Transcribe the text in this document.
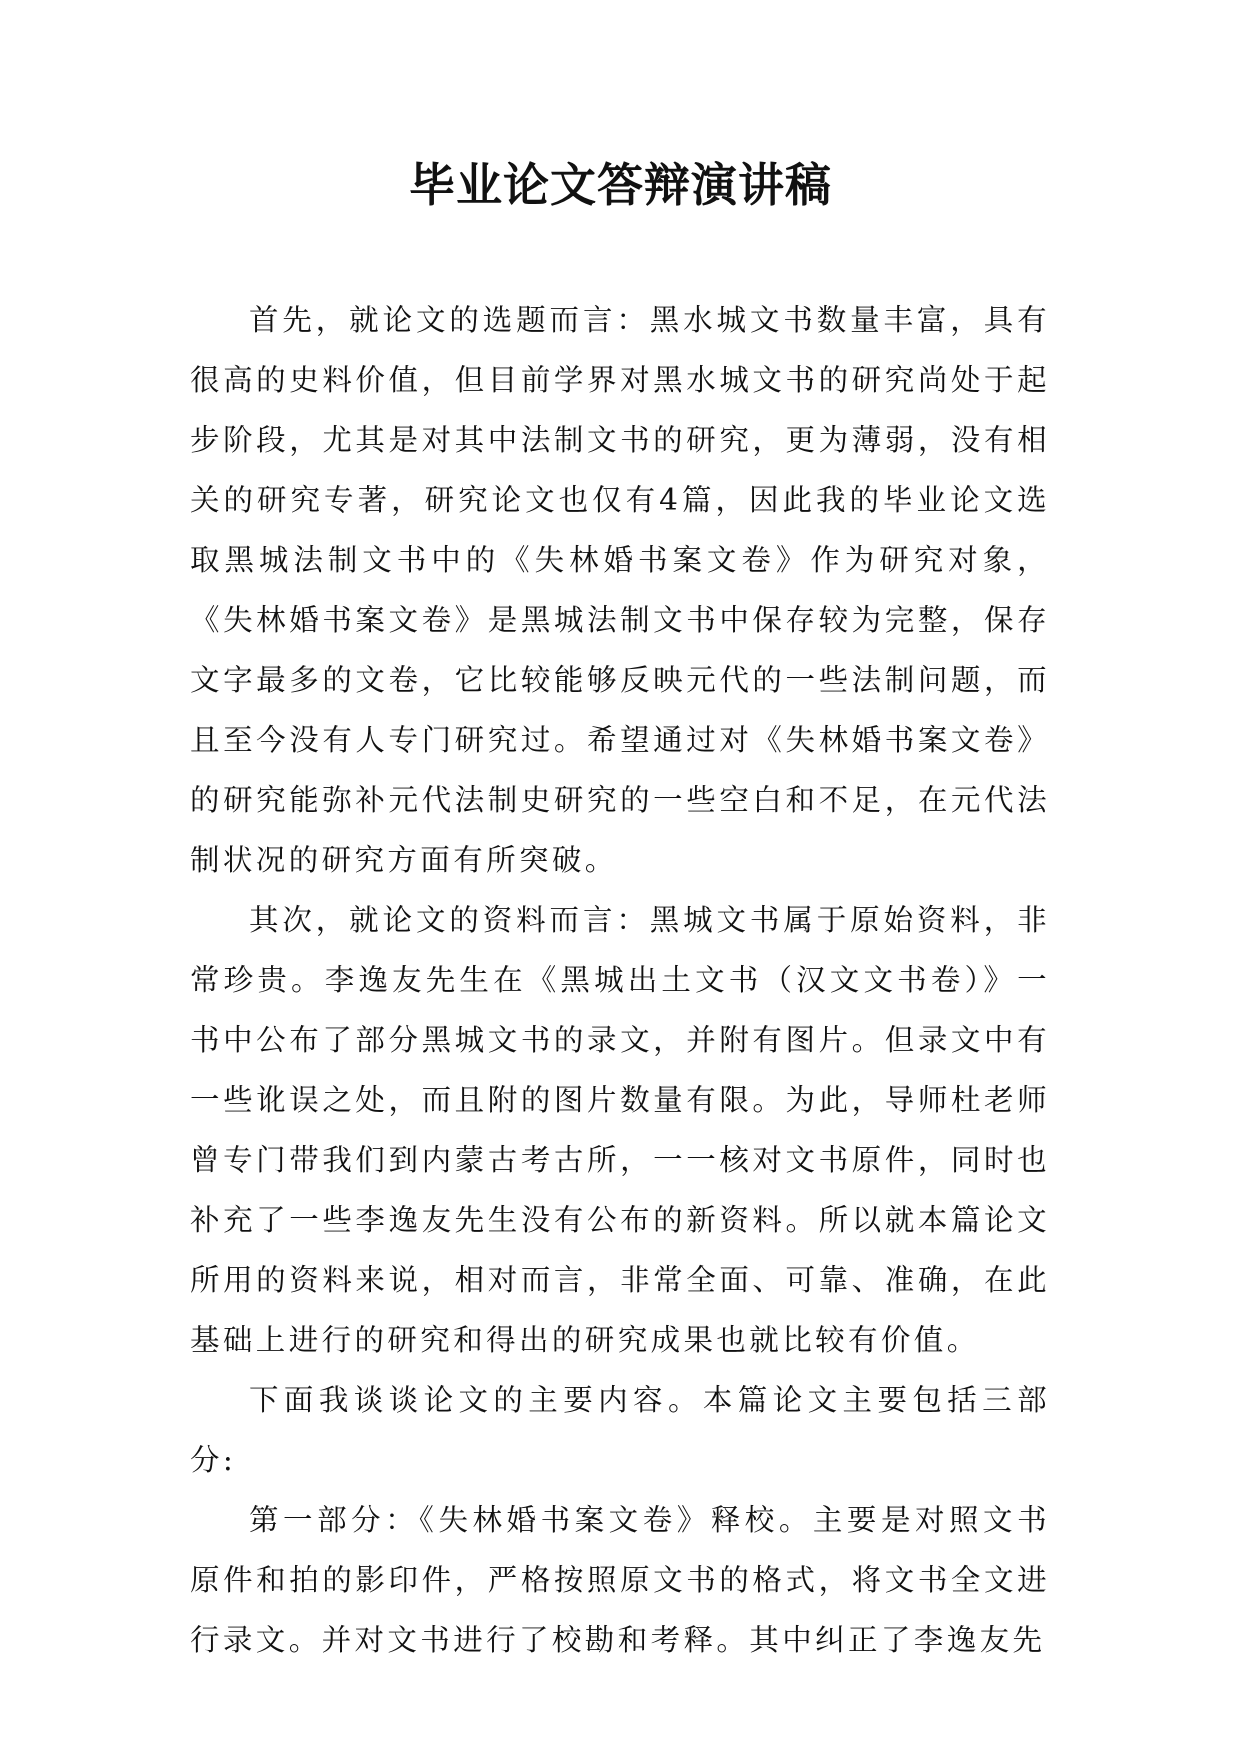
毕业论文答辩演讲稿

首先，就论文的选题而言：黑水城文书数量丰富，具有很高的史料价值，但目前学界对黑水城文书的研究尚处于起步阶段，尤其是对其中法制文书的研究，更为薄弱，没有相关的研究专著，研究论文也仅有4篇，因此我的毕业论文选取黑城法制文书中的《失林婚书案文卷》作为研究对象，《失林婚书案文卷》是黑城法制文书中保存较为完整，保存文字最多的文卷，它比较能够反映元代的一些法制问题，而且至今没有人专门研究过。希望通过对《失林婚书案文卷》的研究能弥补元代法制史研究的一些空白和不足，在元代法制状况的研究方面有所突破。

其次，就论文的资料而言：黑城文书属于原始资料，非常珍贵。李逸友先生在《黑城出土文书（汉文文书卷）》一书中公布了部分黑城文书的录文，并附有图片。但录文中有一些讹误之处，而且附的图片数量有限。为此，导师杜老师曾专门带我们到内蒙古考古所，一一核对文书原件，同时也补充了一些李逸友先生没有公布的新资料。所以就本篇论文所用的资料来说，相对而言，非常全面、可靠、准确，在此基础上进行的研究和得出的研究成果也就比较有价值。

下面我谈谈论文的主要内容。本篇论文主要包括三部分:

第一部分：《失林婚书案文卷》释校。主要是对照文书原件和拍的影印件，严格按照原文书的格式，将文书全文进行录文。并对文书进行了校勘和考释。其中纠正了李逸友先
